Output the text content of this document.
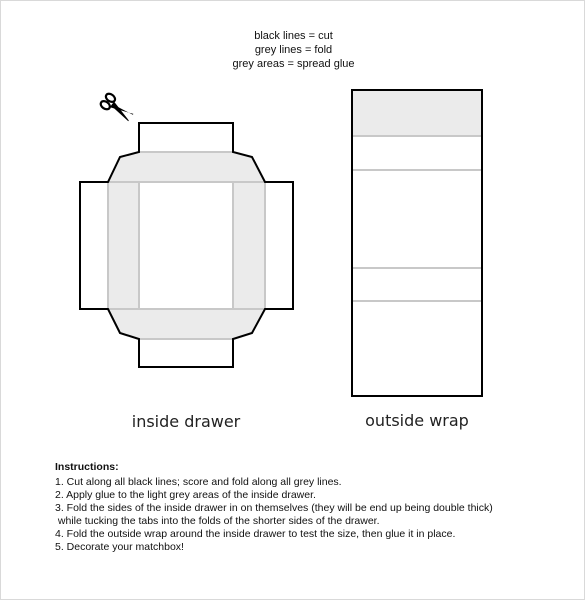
black lines = cut
grey lines = fold
grey areas = spread glue
inside drawer	outside wrap
Instructions:
1. Cut along all black lines; score and fold along all grey lines.
2. Apply glue to the light grey areas of the inside drawer.
3. Fold the sides of the inside drawer in on themselves (they will be end up being double thick)
while tucking the tabs into the folds of the shorter sides of the drawer.
4. Fold the outside wrap around the inside drawer to test the size, then glue it in place.
5. Decorate your matchbox!
